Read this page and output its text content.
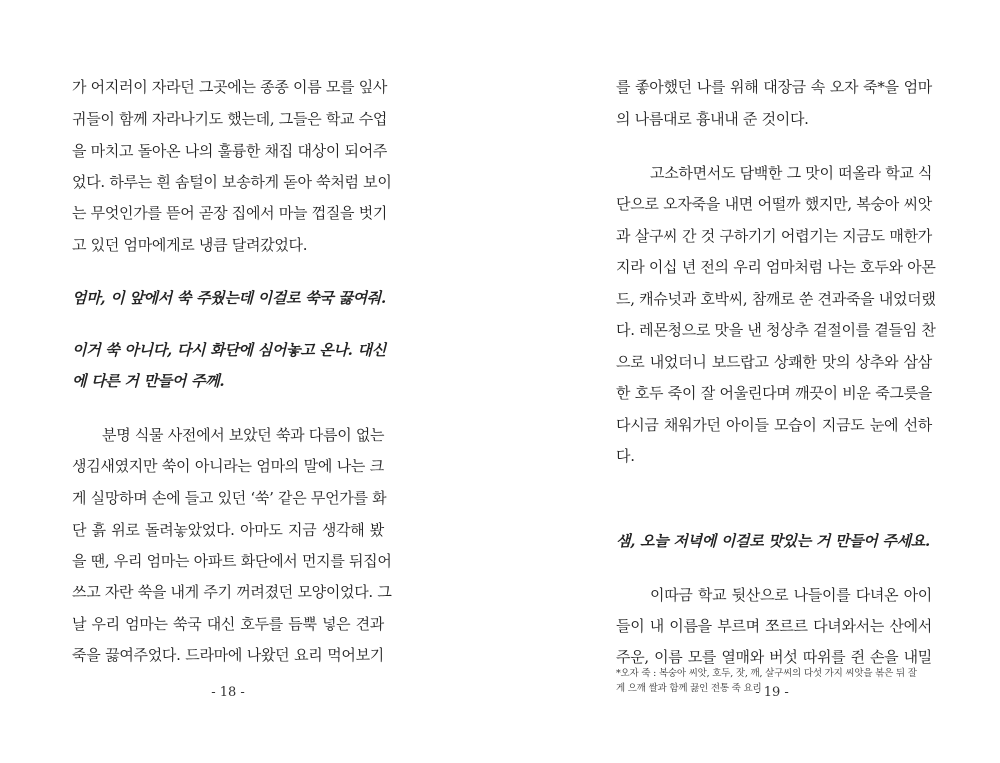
가 어지러이 자라던 그곳에는 종종 이름 모를 잎사
귀들이 함께 자라나기도 했는데, 그들은 학교 수업
을 마치고 돌아온 나의 훌륭한 채집 대상이 되어주
었다. 하루는 흰 솜털이 보송하게 돋아 쑥처럼 보이
는 무엇인가를 뜯어 곧장 집에서 마늘 껍질을 벗기
고 있던 엄마에게로 냉큼 달려갔었다.
엄마, 이 앞에서 쑥 주웠는데 이걸로 쑥국 끓여줘.
이거 쑥 아니다, 다시 화단에 심어놓고 온나. 대신
에 다른 거 만들어 주께.
분명 식물 사전에서 보았던 쑥과 다름이 없는
생김새였지만 쑥이 아니라는 엄마의 말에 나는 크
게 실망하며 손에 들고 있던 ‘쑥’ 같은 무언가를 화
단 흙 위로 돌려놓았었다. 아마도 지금 생각해 봤
을 땐, 우리 엄마는 아파트 화단에서 먼지를 뒤집어
쓰고 자란 쑥을 내게 주기 꺼려졌던 모양이었다. 그
날 우리 엄마는 쑥국 대신 호두를 듬뿍 넣은 견과
죽을 끓여주었다. 드라마에 나왔던 요리 먹어보기
- 18 -
를 좋아했던 나를 위해 대장금 속 오자 죽*을 엄마
의 나름대로 흉내내 준 것이다.
고소하면서도 담백한 그 맛이 떠올라 학교 식
단으로 오자죽을 내면 어떨까 했지만, 복숭아 씨앗
과 살구씨 간 것 구하기기 어렵기는 지금도 매한가
지라 이십 년 전의 우리 엄마처럼 나는 호두와 아몬
드, 캐슈넛과 호박씨, 참깨로 쑨 견과죽을 내었더랬
다. 레몬청으로 맛을 낸 청상추 겉절이를 곁들임 찬
으로 내었더니 보드랍고 상쾌한 맛의 상추와 삼삼
한 호두 죽이 잘 어울린다며 깨끗이 비운 죽그릇을
다시금 채워가던 아이들 모습이 지금도 눈에 선하
다.
샘, 오늘 저녁에 이걸로 맛있는 거 만들어 주세요.
이따금 학교 뒷산으로 나들이를 다녀온 아이
들이 내 이름을 부르며 쪼르르 다녀와서는 산에서
주운, 이름 모를 열매와 버섯 따위를 쥔 손을 내밀
*오자 죽 : 복숭아 씨앗, 호두, 잣, 깨, 살구씨의 다섯 가지 씨앗을 볶은 뒤 잘
게 으깨 쌀과 함께 끓인 전통 죽 요리
- 19 -
